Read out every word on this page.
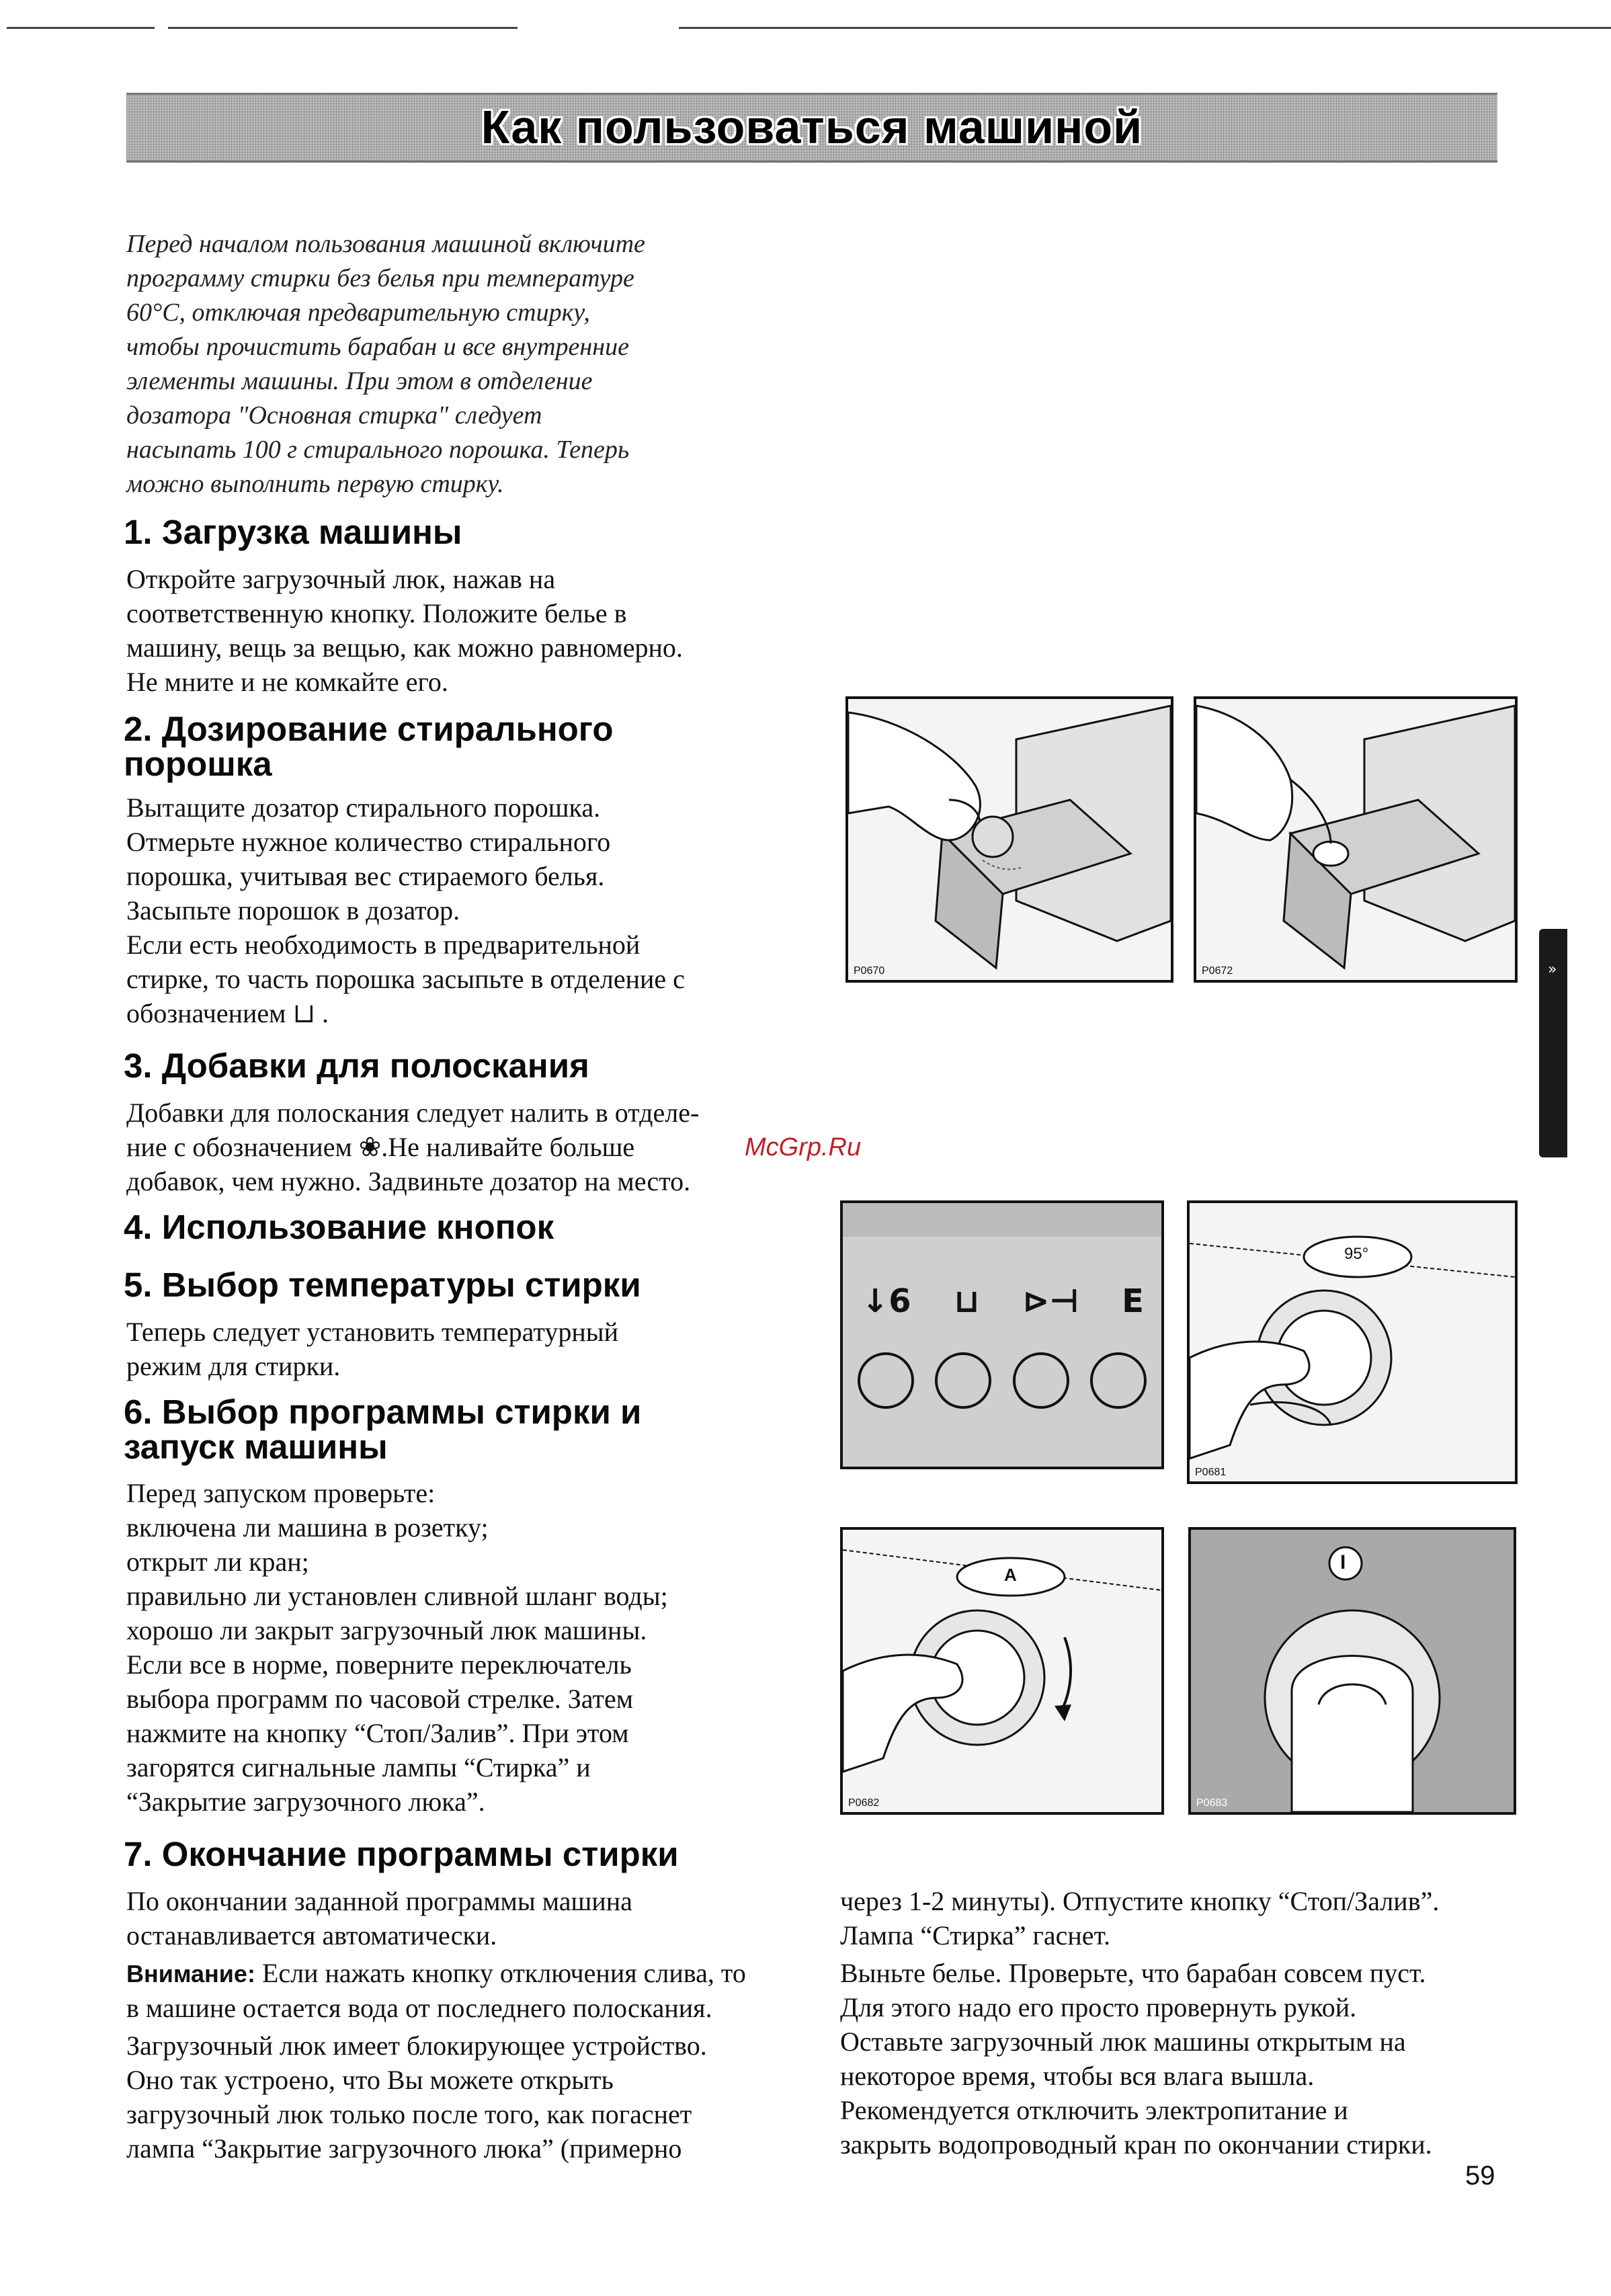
Как пользоваться машиной
Перед началом пользования машиной включите
программу стирки без белья при температуре
60°С, отключая предварительную стирку,
чтобы прочистить барабан и все внутренние
элементы машины. При этом в отделение
дозатора "Основная стирка" следует
насыпать 100 г стирального порошка. Теперь
можно выполнить первую стирку.
1. Загрузка машины
Откройте загрузочный люк, нажав на
соответственную кнопку. Положите белье в
машину, вещь за вещью, как можно равномерно.
Не мните и не комкайте его.
2. Дозирование стирального
порошка
Вытащите дозатор стирального порошка.
Отмерьте нужное количество стирального
порошка, учитывая вес стираемого белья.
Засыпьте порошок в дозатор.
Если есть необходимость в предварительной
стирке, то часть порошка засыпьте в отделение с
обозначением ⊔ .
3. Добавки для полоскания
Добавки для полоскания следует налить в отделе-
ние с обозначением ❀.Не наливайте больше
добавок, чем нужно. Задвиньте дозатор на место.
4. Использование кнопок
5. Выбор температуры стирки
Теперь следует установить температурный
режим для стирки.
6. Выбор программы стирки и
запуск машины
Перед запуском проверьте:
включена ли машина в розетку;
открыт ли кран;
правильно ли установлен сливной шланг воды;
хорошо ли закрыт загрузочный люк машины.
Если все в норме, поверните переключатель
выбора программ по часовой стрелке. Затем
нажмите на кнопку “Стоп/Залив”. При этом
загорятся сигнальные лампы “Стирка” и
“Закрытие загрузочного люка”.
7. Окончание программы стирки
По окончании заданной программы машина
останавливается автоматически.
Внимание: Если нажать кнопку отключения слива, то
в машине остается вода от последнего полоскания.
Загрузочный люк имеет блокирующее устройство.
Оно так устроено, что Вы можете открыть
загрузочный люк только после того, как погаснет
лампа “Закрытие загрузочного люка” (примерно
через 1-2 минуты). Отпустите кнопку “Стоп/Залив”.
Лампа “Стирка” гаснет.
Выньте белье. Проверьте, что барабан совсем пуст.
Для этого надо его просто провернуть рукой.
Оставьте загрузочный люк машины открытым на
некоторое время, чтобы вся влага вышла.
Рекомендуется отключить электропитание и
закрыть водопроводный кран по окончании стирки.
McGrp.Ru
59
»
P0670	P0672
↓6 ⊔ ⊳⊣ E
95°
P0681
A
P0682
I
P0683
